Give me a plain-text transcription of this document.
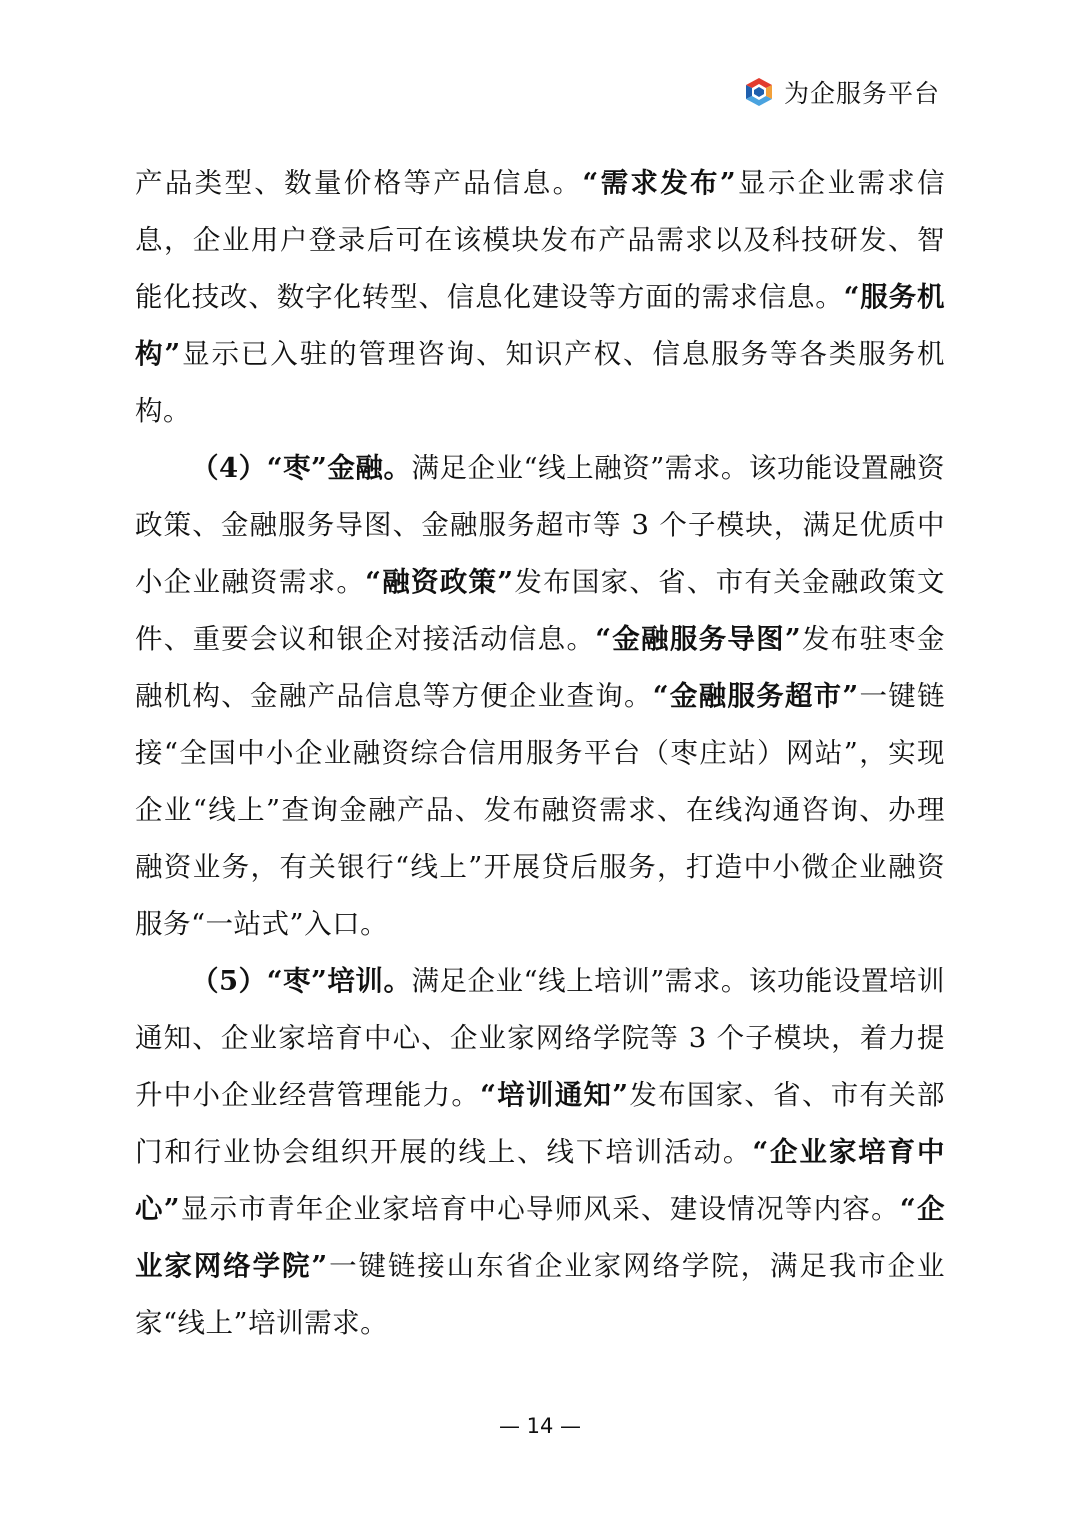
为企服务平台

产品类型、数量价格等产品信息。“需求发布”显示企业需求信息，企业用户登录后可在该模块发布产品需求以及科技研发、智能化技改、数字化转型、信息化建设等方面的需求信息。“服务机构”显示已入驻的管理咨询、知识产权、信息服务等各类服务机构。

（4）“枣”金融。满足企业“线上融资”需求。该功能设置融资政策、金融服务导图、金融服务超市等 3 个子模块，满足优质中小企业融资需求。“融资政策”发布国家、省、市有关金融政策文件、重要会议和银企对接活动信息。“金融服务导图”发布驻枣金融机构、金融产品信息等方便企业查询。“金融服务超市”一键链接“全国中小企业融资综合信用服务平台（枣庄站）网站”，实现企业“线上”查询金融产品、发布融资需求、在线沟通咨询、办理融资业务，有关银行“线上”开展贷后服务，打造中小微企业融资服务“一站式”入口。

（5）“枣”培训。满足企业“线上培训”需求。该功能设置培训通知、企业家培育中心、企业家网络学院等 3 个子模块，着力提升中小企业经营管理能力。“培训通知”发布国家、省、市有关部门和行业协会组织开展的线上、线下培训活动。“企业家培育中心”显示市青年企业家培育中心导师风采、建设情况等内容。“企业家网络学院”一键链接山东省企业家网络学院，满足我市企业家“线上”培训需求。

— 14 —
